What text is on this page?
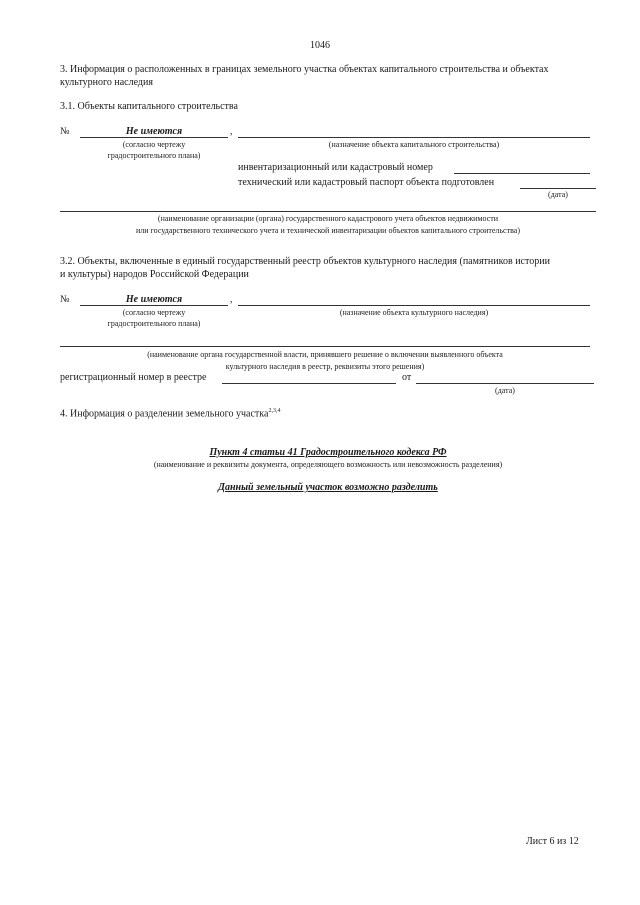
1046
3. Информация о расположенных в границах земельного участка объектах капитального строительства и объектах
культурного наследия
3.1. Объекты капитального строительства
№	Не имеются	,
(согласно чертежу
градостроительного плана)
(назначение объекта капитального строительства)
инвентаризационный или кадастровый номер
технический или кадастровый паспорт объекта подготовлен
(дата)
(наименование организации (органа) государственного кадастрового учета объектов недвижимости
или государственного технического учета и технической инвентаризации объектов капитального строительства)
3.2. Объекты, включенные в единый государственный реестр объектов культурного наследия (памятников истории
и культуры) народов Российской Федерации
№	Не имеются	,
(согласно чертежу
градостроительного плана)
(назначение объекта культурного наследия)
(наименование органа государственной власти, принявшего решение о включении выявленного объекта
культурного наследия в реестр, реквизиты этого решения)
регистрационный номер в реестре	от
(дата)
4. Информация о разделении земельного участка$^{2,3,4}$
Пункт 4 статьи 41 Градостроительного кодекса РФ
(наименование и реквизиты документа, определяющего возможность или невозможность разделения)
Данный земельный участок возможно разделить
Лист 6 из 12
